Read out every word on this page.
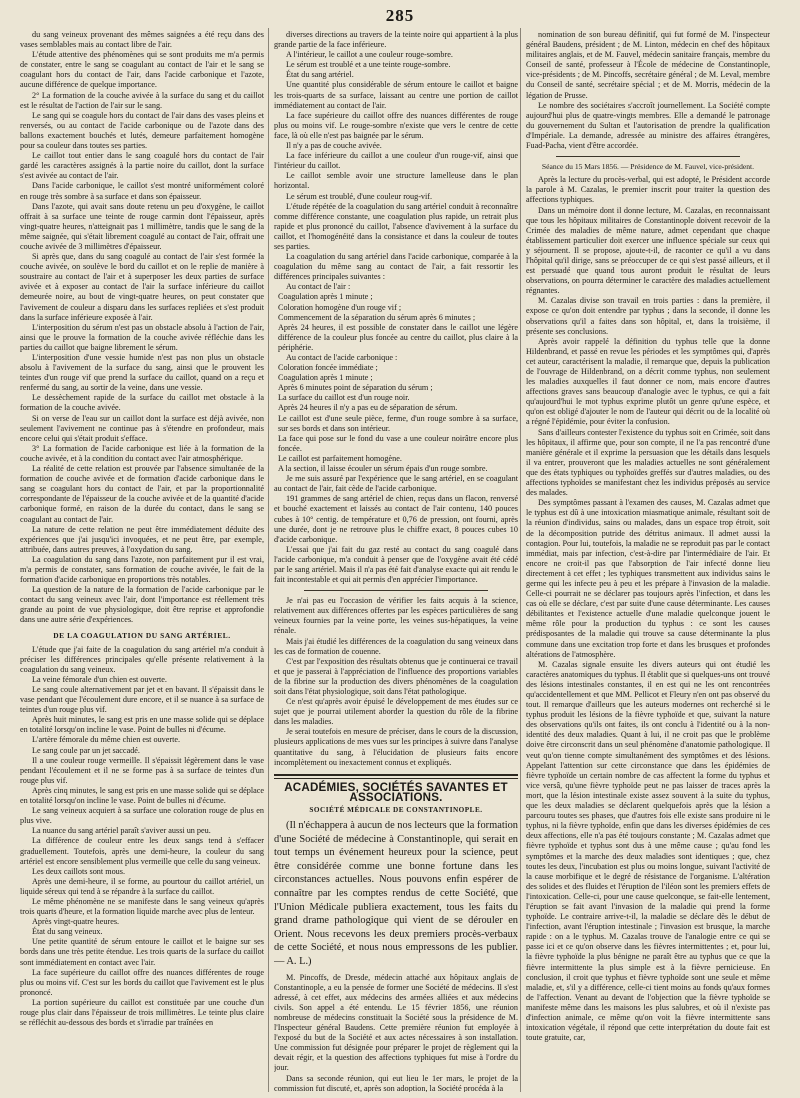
285

du sang veineux provenant des mêmes saignées a été reçu dans des vases semblables mais au contact libre de l'air.

L'étude attentive des phénomènes qui se sont produits me m'a permis de constater, entre le sang se coagulant au contact de l'air et le sang se coagulant hors du contact de l'air, dans l'acide carbonique et l'azote, aucune différence de quelque importance.

2° La formation de la couche avivée à la surface du sang et du caillot est le résultat de l'action de l'air sur le sang.

Le sang qui se coagule hors du contact de l'air dans des vases pleins et renversés, ou au contact de l'acide carbonique ou de l'azote dans des ballons exactement bouchés et lutés, demeure parfaitement homogène pour sa couleur dans toutes ses parties.

Le caillot tout entier dans le sang coagulé hors du contact de l'air gardé les caractères assignés à la partie noire du caillot, dont la surface s'est avivée au contact de l'air.

Dans l'acide carbonique, le caillot s'est montré uniformément coloré en rouge très sombre à sa surface et dans son épaisseur.

Dans l'azote, qui avait sans doute retenu un peu d'oxygène, le caillot offrait à sa surface une teinte de rouge carmin dont l'épaisseur, après vingt-quatre heures, n'atteignait pas 1 millimètre, tandis que le sang de la même saignée, qui s'était librement coagulé au contact de l'air, offrait une couche avivée de 3 millimètres d'épaisseur.

Si après que, dans du sang coagulé au contact de l'air s'est formée la couche avivée, on soulève le bord du caillot et on le replie de manière à soustraire au contact de l'air et à superposer les deux parties de surface avivée et à exposer au contact de l'air la surface inférieure du caillot demeurée noire, au bout de vingt-quatre heures, on peut constater que l'avivement de couleur a disparu dans les surfaces repliées et s'est produit dans la surface inférieure exposée à l'air.

L'interposition du sérum n'est pas un obstacle absolu à l'action de l'air, ainsi que le prouve la formation de la couche avivée réfléchie dans les parties du caillot que baigne librement le sérum.

L'interposition d'une vessie humide n'est pas non plus un obstacle absolu à l'avivement de la surface du sang, ainsi que le prouvent les teintes d'un rouge vif que prend la surface du caillot, quand on a reçu et renfermé du sang, au sortir de la veine, dans une vessie.

Le dessèchement rapide de la surface du caillot met obstacle à la formation de la couche avivée.

Si on verse de l'eau sur un caillot dont la surface est déjà avivée, non seulement l'avivement ne continue pas à s'étendre en profondeur, mais encore celui qui s'était produit s'efface.

3° La formation de l'acide carbonique est liée à la formation de la couche avivée, et à la condition du contact avec l'air atmosphérique.

La réalité de cette relation est prouvée par l'absence simultanée de la formation de couche avivée et de formation d'acide carbonique dans le sang se coagulant hors du contact de l'air, et par la proportionnalité correspondante de l'épaisseur de la couche avivée et de la quantité d'acide carbonique formé, en raison de la durée du contact, dans le sang se coagulant au contact de l'air.

La nature de cette relation ne peut être immédiatement déduite des expériences que j'ai jusqu'ici invoquées, et ne peut être, par exemple, attribuée, dans autres preuves, à l'oxydation du sang.

La coagulation du sang dans l'azote, non parfaitement pur il est vrai, m'a permis de constater, sans formation de couche avivée, le fait de la formation d'acide carbonique en proportions très notables.

La question de la nature de la formation de l'acide carbonique par le contact du sang veineux avec l'air, dont l'importance est réellement très grande au point de vue physiologique, doit être reprise et approfondie dans une autre série d'expériences.

DE LA COAGULATION DU SANG ARTÉRIEL.

L'étude que j'ai faite de la coagulation du sang artériel m'a conduit à préciser les différences principales qu'elle présente relativement à la coagulation du sang veineux.

La veine fémorale d'un chien est ouverte.

Le sang coule alternativement par jet et en bavant. Il s'épaissit dans le vase pendant que l'écoulement dure encore, et il se nuance à sa surface de teintes d'un rouge plus vif.

Après huit minutes, le sang est pris en une masse solide qui se déplace en totalité lorsqu'on incline le vase. Point de bulles ni d'écume.

L'artère fémorale du même chien est ouverte.

Le sang coule par un jet saccadé.

Il a une couleur rouge vermeille. Il s'épaissit légèrement dans le vase pendant l'écoulement et il ne se forme pas à sa surface de teintes d'un rouge plus vif.

Après cinq minutes, le sang est pris en une masse solide qui se déplace en totalité lorsqu'on incline le vase. Point de bulles ni d'écume.

Le sang veineux acquiert à sa surface une coloration rouge de plus en plus vive.

La nuance du sang artériel paraît s'aviver aussi un peu.

La différence de couleur entre les deux sangs tend à s'effacer graduellement. Toutefois, après une demi-heure, la couleur du sang artériel est encore sensiblement plus vermeille que celle du sang veineux.

Les deux caillots sont mous.

Après une demi-heure, il se forme, au pourtour du caillot artériel, un liquide séreux qui tend à se répandre à la surface du caillot.

Le même phénomène ne se manifeste dans le sang veineux qu'après trois quarts d'heure, et la formation liquide marche avec plus de lenteur.

Après vingt-quatre heures.

État du sang veineux.

Une petite quantité de sérum entoure le caillot et le baigne sur ses bords dans une très petite étendue. Les trois quarts de la surface du caillot sont immédiatement en contact avec l'air.

La face supérieure du caillot offre des nuances différentes de rouge plus ou moins vif. C'est sur les bords du caillot que l'avivement est le plus prononcé.

La portion supérieure du caillot est constituée par une couche d'un rouge plus clair dans l'épaisseur de trois millimètres. Le teinte plus claire se réfléchit au-dessous des bords et s'irradie par traînées en

diverses directions au travers de la teinte noire qui appartient à la plus grande partie de la face inférieure.

A l'intérieur, le caillot a une couleur rouge-sombre.

Le sérum est troublé et a une teinte rouge-sombre.

État du sang artériel.

Une quantité plus considérable de sérum entoure le caillot et baigne les trois-quarts de sa surface, laissant au centre une portion de caillot immédiatement au contact de l'air.

La face supérieure du caillot offre des nuances différentes de rouge plus ou moins vif. Le rouge-sombre n'existe que vers le centre de cette face, là où elle n'est pas baignée par le sérum.

Il n'y a pas de couche avivée.

La face inférieure du caillot a une couleur d'un rouge-vif, ainsi que l'intérieur du caillot.

Le caillot semble avoir une structure lamelleuse dans le plan horizontal.

Le sérum est troublé, d'une couleur roug-vif.

L'étude répétée de la coagulation du sang artériel conduit à reconnaître comme différence constante, une coagulation plus rapide, un retrait plus rapide et plus prononcé du caillot, l'absence d'avivement à la surface du caillot, et l'homogénéité dans la consistance et dans la couleur de toutes ses parties.

La coagulation du sang artériel dans l'acide carbonique, comparée à la coagulation du même sang au contact de l'air, a fait ressortir les différences principales suivantes :

Au contact de l'air :

Coagulation après 1 minute ;

Coloration homogène d'un rouge vif ;

Commencement de la séparation du sérum après 6 minutes ;

Après 24 heures, il est possible de constater dans le caillot une légère différence de la couleur plus foncée au centre du caillot, plus claire à la périphérie.

Au contact de l'acide carbonique :

Coloration foncée immédiate ;

Coagulation après 1 minute ;

Après 6 minutes point de séparation du sérum ;

La surface du caillot est d'un rouge noir.

Après 24 heures il n'y a pas eu de séparation de sérum.

Le caillot est d'une seule pièce, ferme, d'un rouge sombre à sa surface, sur ses bords et dans son intérieur.

La face qui pose sur le fond du vase a une couleur noirâtre encore plus foncée.

Le caillot est parfaitement homogène.

A la section, il laisse écouler un sérum épais d'un rouge sombre.

Je me suis assuré par l'expérience que le sang artériel, en se coagulant au contact de l'air, fait cède de l'acide carbonique.

191 grammes de sang artériel de chien, reçus dans un flacon, renversé et bouché exactement et laissés au contact de l'air contenu, 140 pouces cubes à 10° centig. de température et 0,76 de pression, ont fourni, après une durée, dont je ne retrouve plus le chiffre exact, 8 pouces cubes 10 d'acide carbonique.

L'essai que j'ai fait du gaz resté au contact du sang coagulé dans l'acide carbonique, m'a conduit à penser que de l'oxygène avait été cédé par le sang artériel. Mais il n'a pas été fait d'analyse exacte qui ait rendu le fait incontestable et qui ait permis d'en apprécier l'importance.

Je n'ai pas eu l'occasion de vérifier les faits acquis à la science, relativement aux différences offertes par les espèces particulières de sang veineux fournies par la veine porte, les veines sus-hépatiques, la veine rénale.

Mais j'ai étudié les différences de la coagulation du sang veineux dans les cas de formation de couenne.

C'est par l'exposition des résultats obtenus que je continuerai ce travail et que je passerai à l'appréciation de l'influence des proportions variables de la fibrine sur la production des divers phénomènes de la coagulation soit dans l'état physiologique, soit dans l'état pathologique.

Ce n'est qu'après avoir épuisé le développement de mes études sur ce sujet que je pourrai utilement aborder la question du rôle de la fibrine dans les maladies.

Je serai toutefois en mesure de préciser, dans le cours de la discussion, plusieurs applications de mes vues sur les principes à suivre dans l'analyse quantitative du sang, à l'élucidation de plusieurs faits encore incomplètement ou inexactement connus et expliqués.

ACADÉMIES, SOCIÉTÉS SAVANTES ET ASSOCIATIONS.
SOCIÉTÉ MÉDICALE DE CONSTANTINOPLE.

(Il n'échappera à aucun de nos lecteurs que la formation d'une Société de médecine à Constantinople, qui serait en tout temps un événement heureux pour la science, peut être considérée comme une bonne fortune dans les circonstances actuelles. Nous pouvons enfin espérer de connaître par les comptes rendus de cette Société, que l'Union Médicale publiera exactement, tous les faits du grand drame pathologique qui vient de se dérouler en Orient. Nous recevons les deux premiers procès-verbaux de cette Société, et nous nous empressons de les publier. — A. L.)

M. Pincoffs, de Dresde, médecin attaché aux hôpitaux anglais de Constantinople, a eu la pensée de former une Société de médecins. Il s'est adressé, à cet effet, aux médecins des armées alliées et aux médecins civils. Son appel a été entendu. Le 15 février 1856, une réunion nombreuse de médecins constituait la Société sous la présidence de M. l'Inspecteur général Baudens. Cette première réunion fut employée à l'exposé du but de la Société et aux actes nécessaires à son installation. Une commission fut désignée pour préparer le projet de règlement qui la devait régir, et la question des affections typhiques fut mise à l'ordre du jour.

Dans sa seconde réunion, qui eut lieu le 1er mars, le projet de la commission fut discuté, et, après son adoption, la Société procéda à la

nomination de son bureau définitif, qui fut formé de M. l'inspecteur général Baudens, président ; de M. Linton, médecin en chef des hôpitaux militaires anglais, et de M. Fauvel, médecin sanitaire français, membre du Conseil de santé, professeur à l'École de médecine de Constantinople, vice-présidents ; de M. Pincoffs, secrétaire général ; de M. Leval, membre du Conseil de santé, secrétaire spécial ; et de M. Morris, médecin de la légation de Prusse.

Le nombre des sociétaires s'accroît journellement. La Société compte aujourd'hui plus de quatre-vingts membres. Elle a demandé le patronage du gouvernement du Sultan et l'autorisation de prendre la qualification d'Impériale. La demande, adressée au ministre des affaires étrangères, Fuad-Pacha, vient d'être accordée.

Séance du 15 Mars 1856. — Présidence de M. Fauvel, vice-président.

Après la lecture du procès-verbal, qui est adopté, le Président accorde la parole à M. Cazalas, le premier inscrit pour traiter la question des affections typhiques.

Dans un mémoire dont il donne lecture, M. Cazalas, en reconnaissant que tous les hôpitaux militaires de Constantinople doivent recevoir de la Crimée des maladies de même nature, admet cependant que chaque établissement particulier doit exercer une influence spéciale sur ceux qui y séjournent. Il se propose, ajoute-t-il, de raconter ce qu'il a vu dans l'hôpital qu'il dirige, sans se préoccuper de ce qui s'est passé ailleurs, et il est persuadé que quand tous auront produit le résultat de leurs observations, on pourra déterminer le caractère des maladies actuellement régnantes.

M. Cazalas divise son travail en trois parties : dans la première, il expose ce qu'on doit entendre par typhus ; dans la seconde, il donne les observations qu'il a faites dans son hôpital, et, dans la troisième, il présente ses conclusions.

Après avoir rappelé la définition du typhus telle que la donne Hildenbrand, et passé en revue les périodes et les symptômes qui, d'après cet auteur, caractérisent la maladie, il remarque que, depuis la publication de l'ouvrage de Hildenbrand, on a décrit comme typhus, non seulement les maladies auxquelles il faut donner ce nom, mais encore d'autres affections graves sans beaucoup d'analogie avec le typhus, ce qui a fait qu'aujourd'hui le mot typhus exprime plutôt un genre qu'une espèce, et qu'on est obligé d'ajouter le nom de l'auteur qui décrit ou de la localité où a régné l'épidémie, pour éviter la confusion.

Sans d'ailleurs contester l'existence du typhus soit en Crimée, soit dans les hôpitaux, il affirme que, pour son compte, il ne l'a pas rencontré d'une manière générale et il exprime la persuasion que les détails dans lesquels il va entrer, prouveront que les maladies actuelles ne sont généralement que des états typhiques ou typhoïdes greffés sur d'autres maladies, ou des affections typhoïdes se manifestant chez les individus préposés au service des malades.

Des symptômes passant à l'examen des causes, M. Cazalas admet que le typhus est dû à une intoxication miasmatique animale, résultant soit de la réunion d'individus, sains ou malades, dans un espace trop étroit, soit de la décomposition putride des détritus animaux. Il admet aussi la contagion. Pour lui, toutefois, la maladie ne se reproduit pas par le contact immédiat, mais par infection, c'est-à-dire par l'intermédiaire de l'air. Et encore ne croit-il pas que l'absorption de l'air infecté donne lieu directement à cet effet ; les typhiques transmettent aux individus sains le germe qui les infecte peu à peu et les prépare à l'invasion de la maladie. Celle-ci pourrait ne se déclarer pas toujours après l'infection, et dans les cas où elle se déclare, c'est par suite d'une cause déterminante. Les causes débilitantes et l'existence actuelle d'une maladie quelconque jouent le même rôle pour la production du typhus : ce sont les causes prédisposantes de la maladie qui trouve sa cause déterminante la plus commune dans une excitation trop forte et dans les brusques et profondes altérations de l'atmosphère.

M. Cazalas signale ensuite les divers auteurs qui ont étudié les caractères anatomiques du typhus. Il établit que si quelques-uns ont trouvé des lésions intestinales constantes, il en est qui ne les ont rencontrées qu'accidentellement et que MM. Pellicot et Fleury n'en ont pas observé du tout. Il remarque d'ailleurs que les auteurs modernes ont recherché si le typhus produit les lésions de la fièvre typhoïde et que, suivant la nature des observations qu'ils ont faites, ils ont conclu à l'identité ou à la non-identité des deux maladies. Quant à lui, il ne croit pas que le problème doive être circonscrit dans un seul phénomène d'anatomie pathologique. Il veut qu'on tienne compte simultanément des symptômes et des lésions. Appelant l'attention sur cette circonstance que dans les épidémies de fièvre typhoïde un certain nombre de cas affectent la forme du typhus et vice versâ, qu'une fièvre typhoïde peut ne pas laisser de traces après la mort, que la lésion intestinale existe assez souvent à la suite du typhus, que les deux maladies se déclarent quelquefois après que la lésion a parcouru toutes ses phases, que d'autres fois elle existe sans produire ni le typhus, ni la fièvre typhoïde, enfin que dans les diverses épidémies de ces deux affections, elle n'a pas été toujours constante ; M. Cazalas admet que fièvre typhoïde et typhus sont dus à une même cause ; qu'au fond les symptômes et la marche des deux maladies sont identiques ; que, chez toutes les deux, l'incubation est plus ou moins longue, suivant l'activité de la cause morbifique et le degré de résistance de l'organisme. L'altération des solides et des fluides et l'éruption de l'iléon sont les premiers effets de l'intoxication. Celle-ci, pour une cause quelconque, se fait-elle lentement, l'éruption se fait avant l'invasion de la maladie qui prend la forme typhoïde. Le contraire arrive-t-il, la maladie se déclare dès le début de l'infection, avant l'éruption intestinale ; l'invasion est brusque, la marche rapide : on a le typhus. M. Cazalas trouve de l'analogie entre ce qui se passe ici et ce qu'on observe dans les fièvres intermittentes ; et, pour lui, la fièvre typhoïde la plus bénigne ne paraît être au typhus que ce que la fièvre intermittente la plus simple est à la fièvre pernicieuse. En conclusion, il croit que typhus et fièvre typhoïde sont une seule et même maladie, et, s'il y a différence, celle-ci tient moins au fonds qu'aux formes de l'affection. Venant au devant de l'objection que la fièvre typhoïde se manifeste même dans les maisons les plus salubres, et où il n'existe pas d'infection animale, ce même qu'on voit la fièvre intermittente sans intoxication végétale, il répond que cette interprétation du doute fait est toute gratuite, car,
